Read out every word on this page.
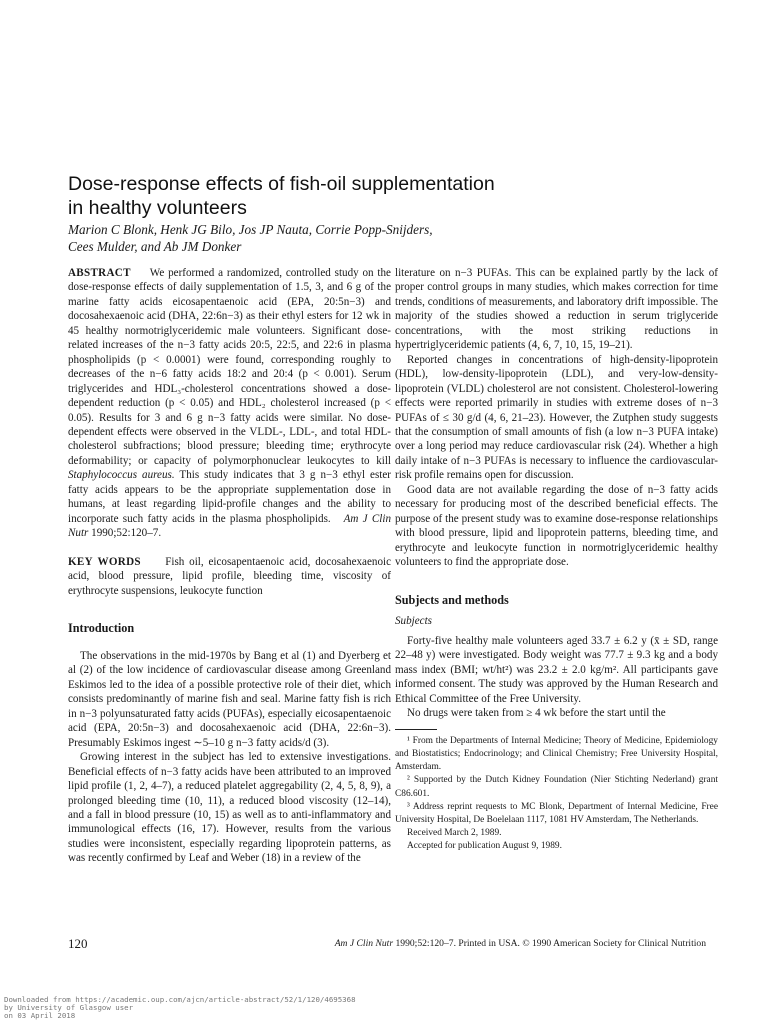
Dose-response effects of fish-oil supplementation
in healthy volunteers
Marion C Blonk, Henk JG Bilo, Jos JP Nauta, Corrie Popp-Snijders,
Cees Mulder, and Ab JM Donker

ABSTRACT We performed a randomized, controlled study on the dose-response effects of daily supplementation of 1.5, 3, and 6 g of the marine fatty acids eicosapentaenoic acid (EPA, 20:5n−3) and docosahexaenoic acid (DHA, 22:6n−3) as their ethyl esters for 12 wk in 45 healthy normotriglyceridemic male volunteers. Significant dose-related increases of the n−3 fatty acids 20:5, 22:5, and 22:6 in plasma phospholipids (p < 0.0001) were found, corresponding roughly to decreases of the n−6 fatty acids 18:2 and 20:4 (p < 0.001). Serum triglycerides and HDL₃-cholesterol concentrations showed a dose-dependent reduction (p < 0.05) and HDL₂ cholesterol increased (p < 0.05). Results for 3 and 6 g n−3 fatty acids were similar. No dose-dependent effects were observed in the VLDL-, LDL-, and total HDL-cholesterol subfractions; blood pressure; bleeding time; erythrocyte deformability; or capacity of polymorphonuclear leukocytes to kill Staphylococcus aureus. This study indicates that 3 g n−3 ethyl ester fatty acids appears to be the appropriate supplementation dose in humans, at least regarding lipid-profile changes and the ability to incorporate such fatty acids in the plasma phospholipids. Am J Clin Nutr 1990;52:120–7.

KEY WORDS Fish oil, eicosapentaenoic acid, docosahexaenoic acid, blood pressure, lipid profile, bleeding time, viscosity of erythrocyte suspensions, leukocyte function

Introduction

The observations in the mid-1970s by Bang et al (1) and Dyerberg et al (2) of the low incidence of cardiovascular disease among Greenland Eskimos led to the idea of a possible protective role of their diet, which consists predominantly of marine fish and seal. Marine fatty fish is rich in n−3 polyunsaturated fatty acids (PUFAs), especially eicosapentaenoic acid (EPA, 20:5n−3) and docosahexaenoic acid (DHA, 22:6n−3). Presumably Eskimos ingest ∼5–10 g n−3 fatty acids/d (3).

Growing interest in the subject has led to extensive investigations. Beneficial effects of n−3 fatty acids have been attributed to an improved lipid profile (1, 2, 4–7), a reduced platelet aggregability (2, 4, 5, 8, 9), a prolonged bleeding time (10, 11), a reduced blood viscosity (12–14), and a fall in blood pressure (10, 15) as well as to anti-inflammatory and immunological effects (16, 17). However, results from the various studies were inconsistent, especially regarding lipoprotein patterns, as was recently confirmed by Leaf and Weber (18) in a review of the

literature on n−3 PUFAs. This can be explained partly by the lack of proper control groups in many studies, which makes correction for time trends, conditions of measurements, and laboratory drift impossible. The majority of the studies showed a reduction in serum triglyceride concentrations, with the most striking reductions in hypertriglyceridemic patients (4, 6, 7, 10, 15, 19–21).

Reported changes in concentrations of high-density-lipoprotein (HDL), low-density-lipoprotein (LDL), and very-low-density-lipoprotein (VLDL) cholesterol are not consistent. Cholesterol-lowering effects were reported primarily in studies with extreme doses of n−3 PUFAs of ≤ 30 g/d (4, 6, 21–23). However, the Zutphen study suggests that the consumption of small amounts of fish (a low n−3 PUFA intake) over a long period may reduce cardiovascular risk (24). Whether a high daily intake of n−3 PUFAs is necessary to influence the cardiovascular-risk profile remains open for discussion.

Good data are not available regarding the dose of n−3 fatty acids necessary for producing most of the described beneficial effects. The purpose of the present study was to examine dose-response relationships with blood pressure, lipid and lipoprotein patterns, bleeding time, and erythrocyte and leukocyte function in normotriglyceridemic healthy volunteers to find the appropriate dose.

Subjects and methods
Subjects

Forty-five healthy male volunteers aged 33.7 ± 6.2 y (x̄ ± SD, range 22–48 y) were investigated. Body weight was 77.7 ± 9.3 kg and a body mass index (BMI; wt/ht²) was 23.2 ± 2.0 kg/m². All participants gave informed consent. The study was approved by the Human Research and Ethical Committee of the Free University.

No drugs were taken from ≥ 4 wk before the start until the

¹ From the Departments of Internal Medicine; Theory of Medicine, Epidemiology and Biostatistics; Endocrinology; and Clinical Chemistry; Free University Hospital, Amsterdam.

² Supported by the Dutch Kidney Foundation (Nier Stichting Nederland) grant C86.601.

³ Address reprint requests to MC Blonk, Department of Internal Medicine, Free University Hospital, De Boelelaan 1117, 1081 HV Amsterdam, The Netherlands.

Received March 2, 1989.

Accepted for publication August 9, 1989.

120	Am J Clin Nutr 1990;52:120–7. Printed in USA. © 1990 American Society for Clinical Nutrition
Downloaded from https://academic.oup.com/ajcn/article-abstract/52/1/120/4695368
by University of Glasgow user
on 03 April 2018
